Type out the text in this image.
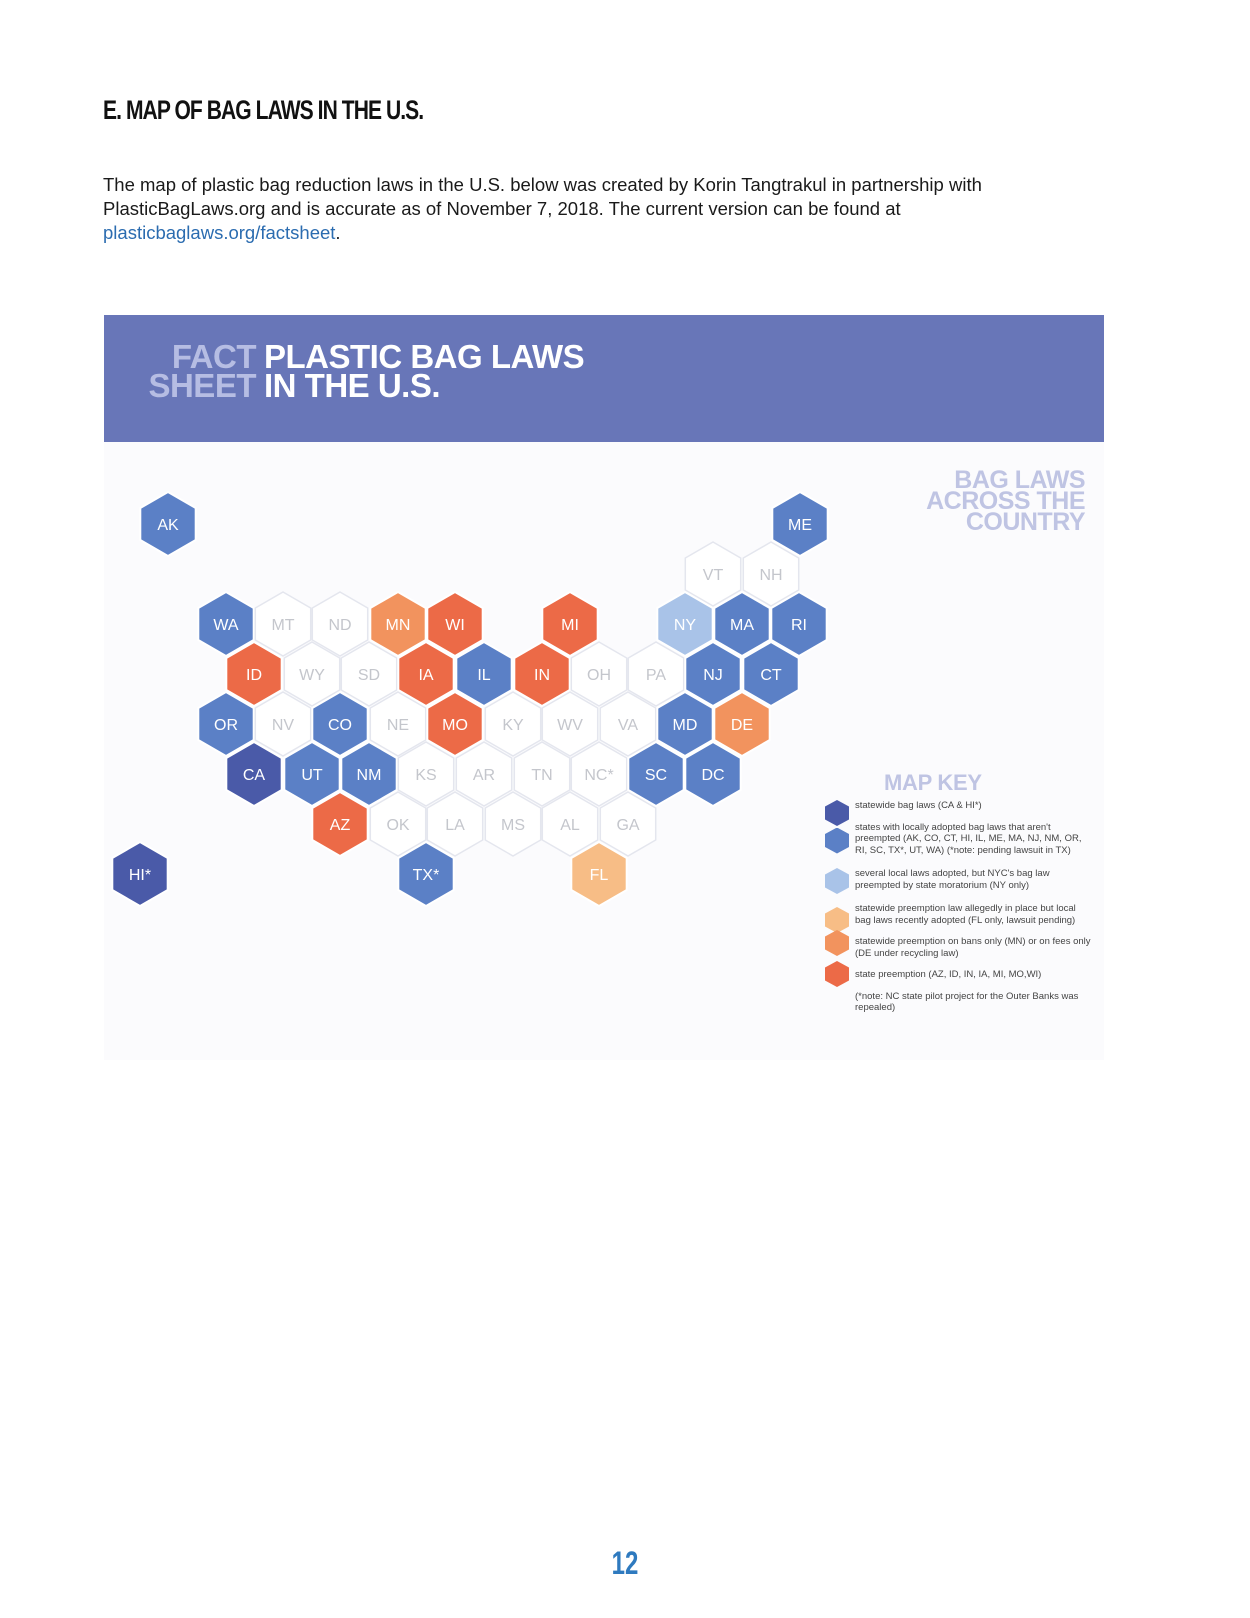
E. MAP OF BAG LAWS IN THE U.S.
The map of plastic bag reduction laws in the U.S. below was created by Korin Tangtrakul in partnership with PlasticBagLaws.org and is accurate as of November 7, 2018. The current version can be found at plasticbaglaws.org/factsheet.
FACT
SHEET
PLASTIC BAG LAWS
IN THE U.S.
BAG LAWS
ACROSS THE
COUNTRY
AK	ME
VT NH
WA MT ND MN WI	MI	NY MA RI
ID WY SD IA	IL	IN OH PA NJ CT
OR NV CO NE MO KY WV VA MD DE
CA UT NM KS AR TN NC* SC DC
AZ OK LA MS AL GA
HI*	TX*	FL
MAP KEY
statewide bag laws (CA & HI*)
states with locally adopted bag laws that aren't preempted (AK, CO, CT, HI, IL, ME, MA, NJ, NM, OR, RI, SC, TX*, UT, WA) (*note: pending lawsuit in TX)
several local laws adopted, but NYC's bag law preempted by state moratorium (NY only)
statewide preemption law allegedly in place but local bag laws recently adopted (FL only, lawsuit pending)
statewide preemption on bans only (MN) or on fees only (DE under recycling law)
state preemption (AZ, ID, IN, IA, MI, MO,WI)
(*note: NC state pilot project for the Outer Banks was repealed)
12
